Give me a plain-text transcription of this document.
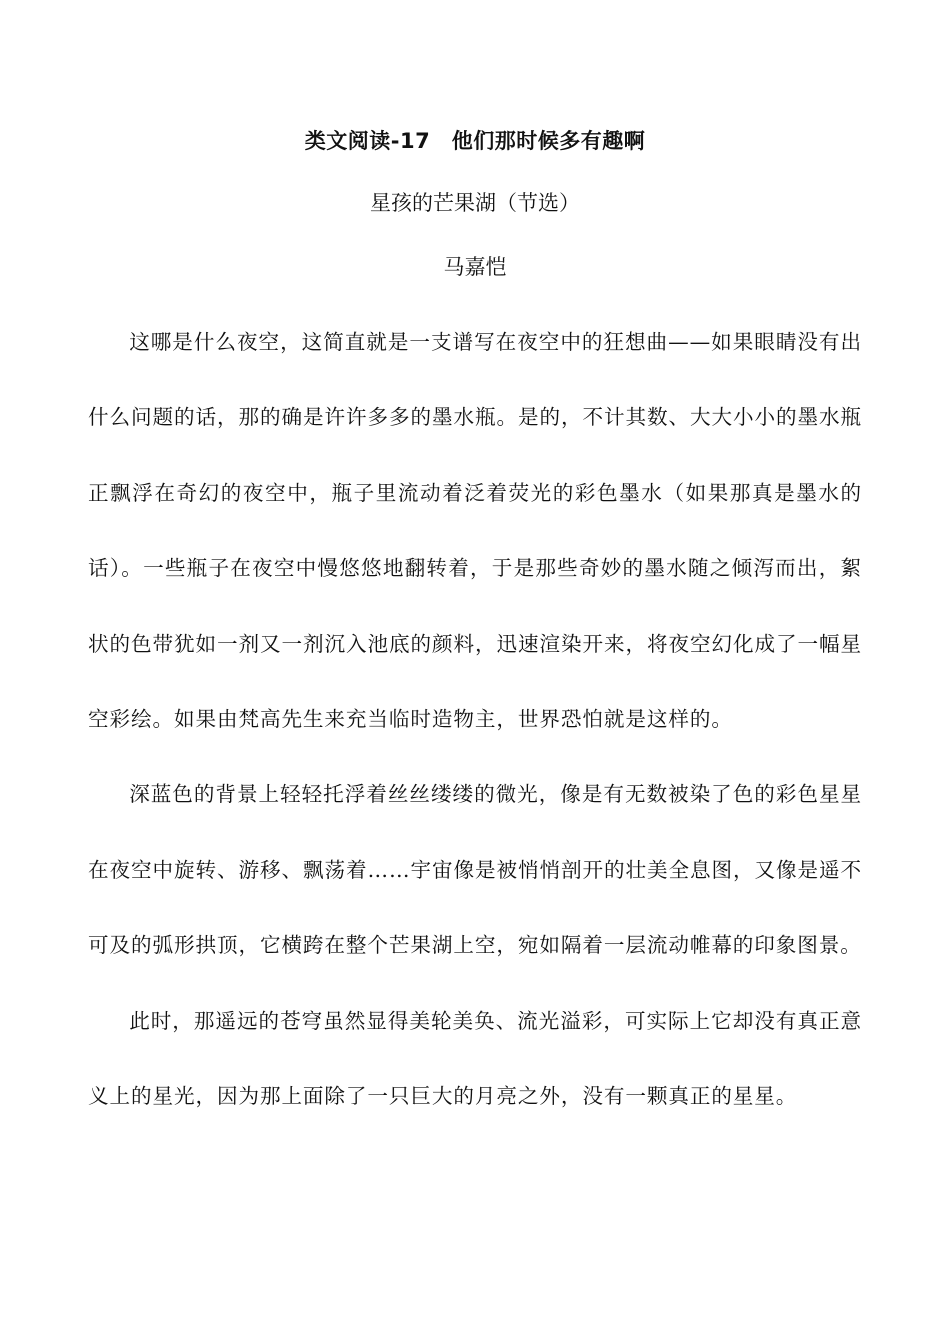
类文阅读-17　他们那时候多有趣啊
星孩的芒果湖（节选）
马嘉恺

这哪是什么夜空，这简直就是一支谱写在夜空中的狂想曲——如果眼睛没有出什么问题的话，那的确是许许多多的墨水瓶。是的，不计其数、大大小小的墨水瓶正飘浮在奇幻的夜空中，瓶子里流动着泛着荧光的彩色墨水（如果那真是墨水的话）。一些瓶子在夜空中慢悠悠地翻转着，于是那些奇妙的墨水随之倾泻而出，絮状的色带犹如一剂又一剂沉入池底的颜料，迅速渲染开来，将夜空幻化成了一幅星空彩绘。如果由梵高先生来充当临时造物主，世界恐怕就是这样的。

深蓝色的背景上轻轻托浮着丝丝缕缕的微光，像是有无数被染了色的彩色星星在夜空中旋转、游移、飘荡着……宇宙像是被悄悄剖开的壮美全息图，又像是遥不可及的弧形拱顶，它横跨在整个芒果湖上空，宛如隔着一层流动帷幕的印象图景。

此时，那遥远的苍穹虽然显得美轮美奂、流光溢彩，可实际上它却没有真正意义上的星光，因为那上面除了一只巨大的月亮之外，没有一颗真正的星星。
